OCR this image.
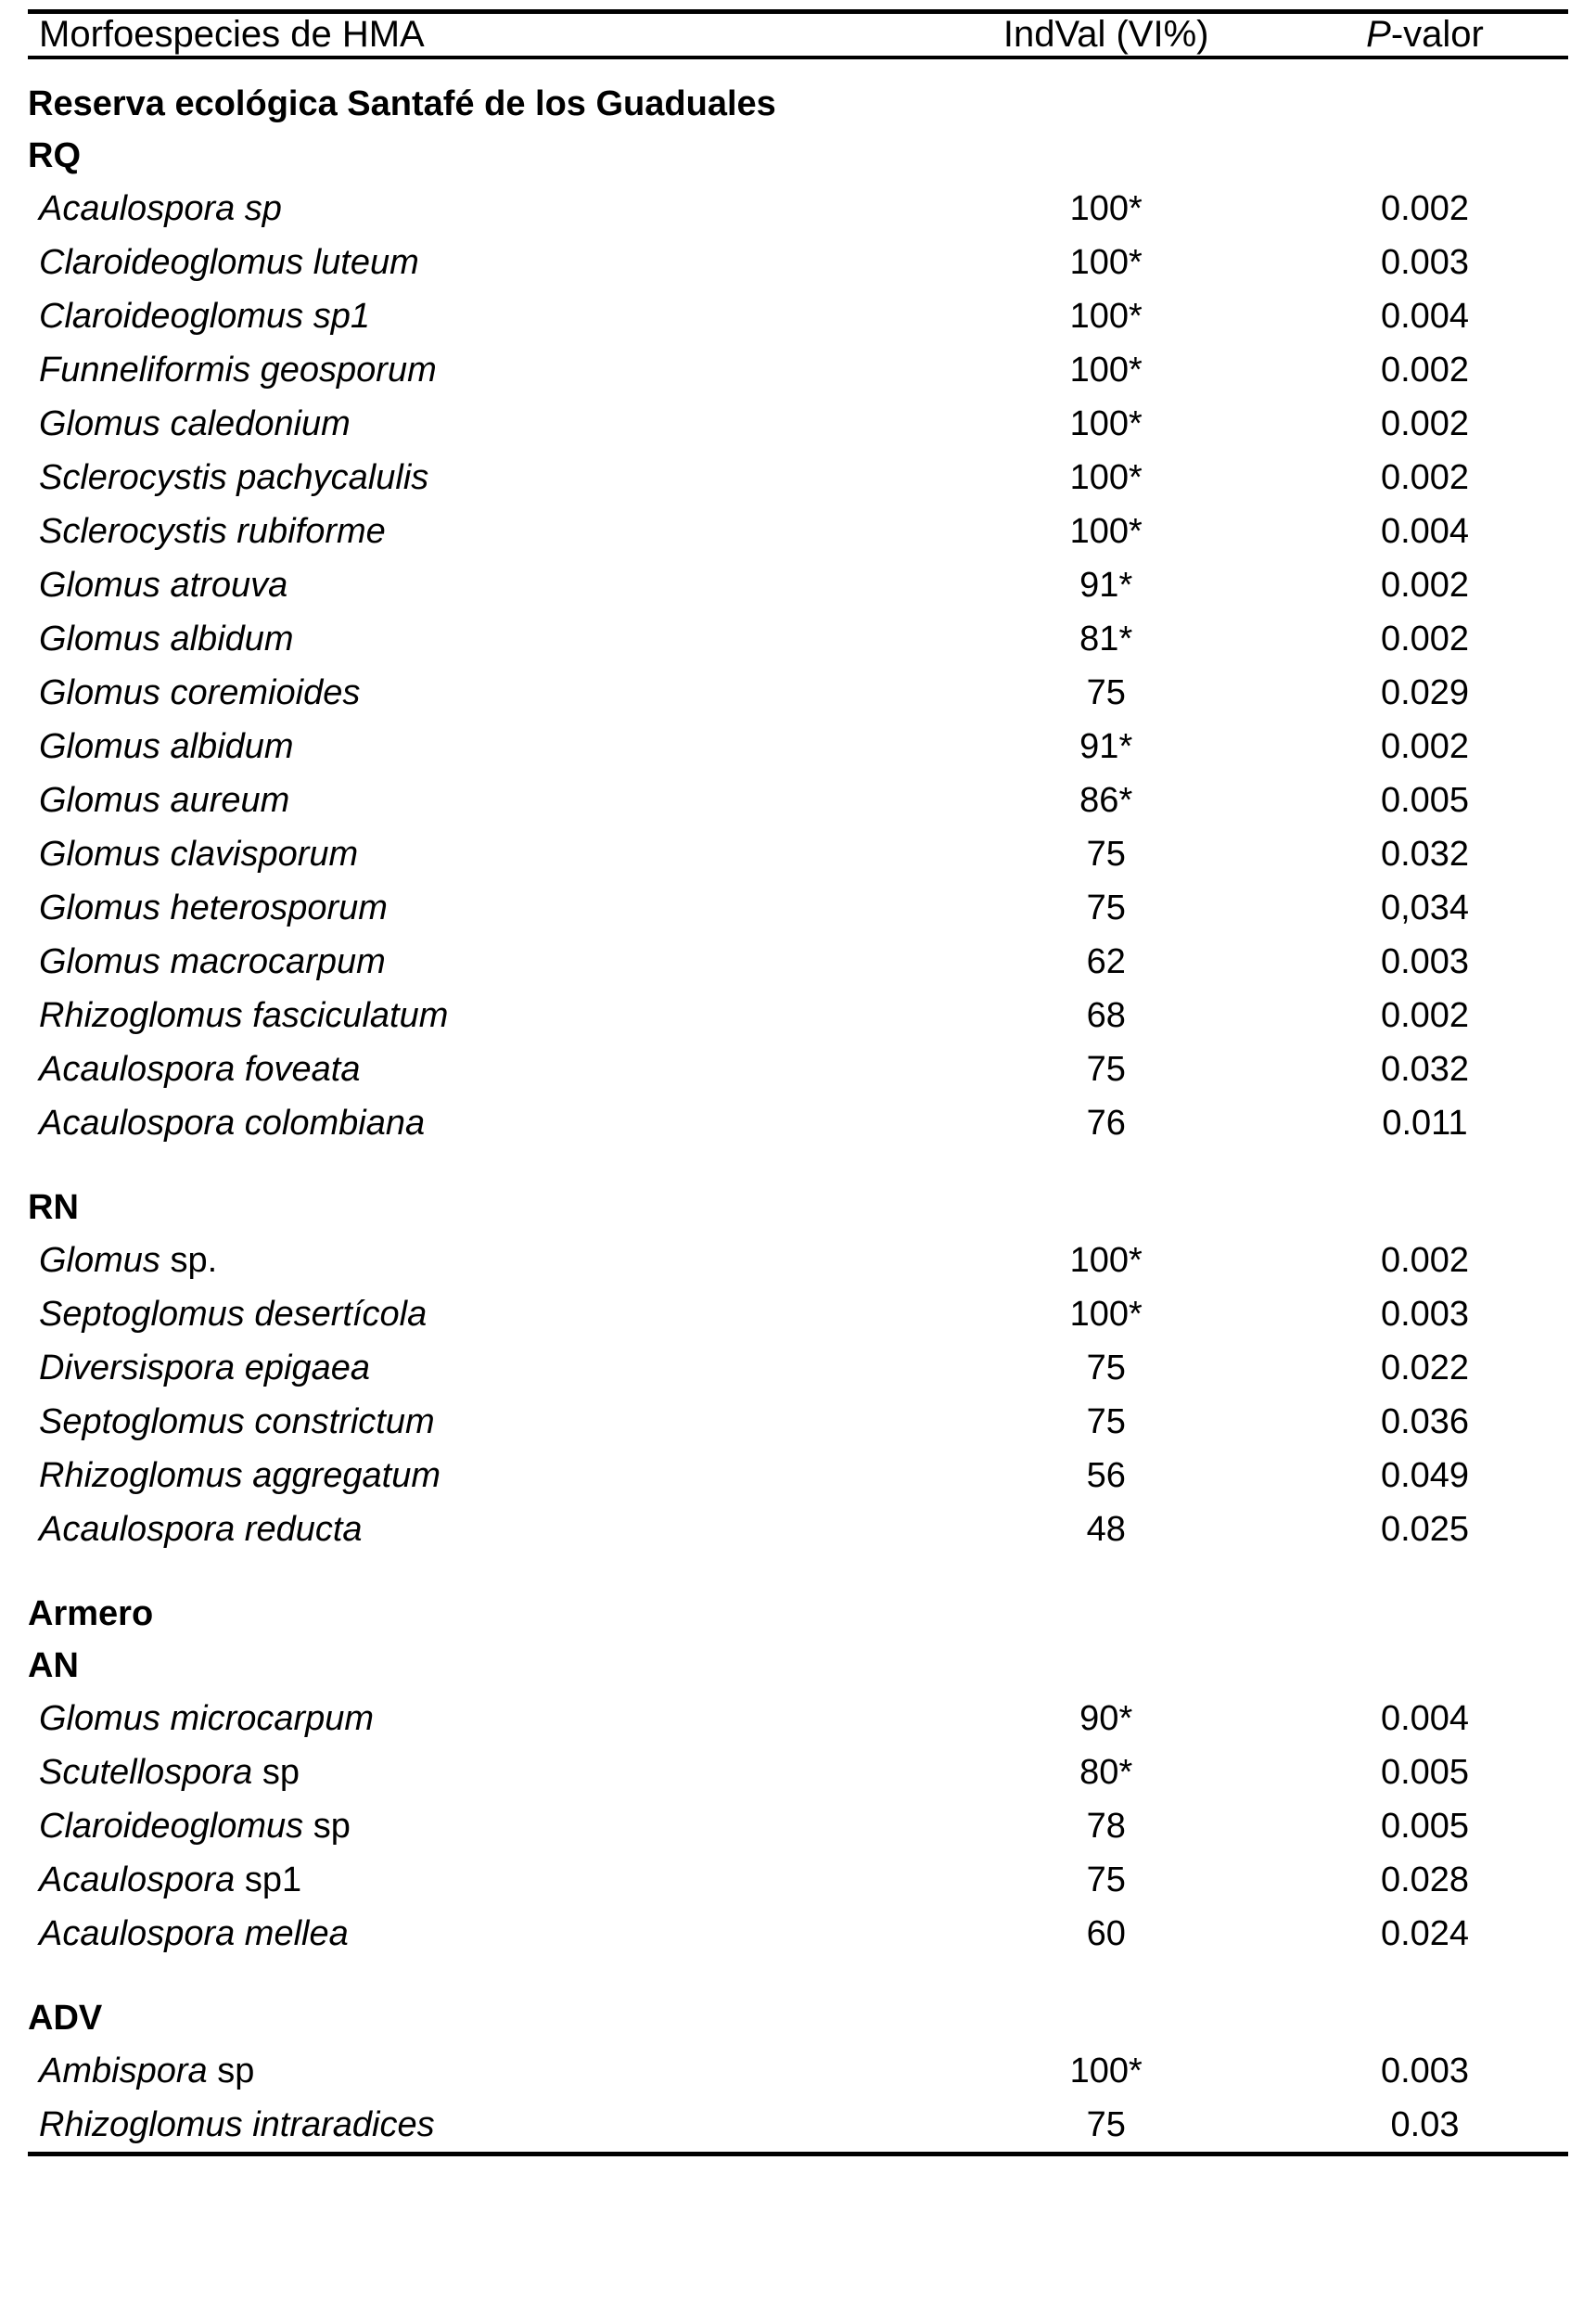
Morfoespecies de HMA	IndVal (VI%)	P-valor

Reserva ecológica Santafé de los Guaduales		
RQ		
Acaulospora sp	100*	0.002
Claroideoglomus luteum	100*	0.003
Claroideoglomus sp1	100*	0.004
Funneliformis geosporum	100*	0.002
Glomus caledonium	100*	0.002
Sclerocystis pachycalulis	100*	0.002
Sclerocystis rubiforme	100*	0.004
Glomus atrouva	91*	0.002
Glomus albidum	81*	0.002
Glomus coremioides	75	0.029
Glomus albidum	91*	0.002
Glomus aureum	86*	0.005
Glomus clavisporum	75	0.032
Glomus heterosporum	75	0,034
Glomus macrocarpum	62	0.003
Rhizoglomus fasciculatum	68	0.002
Acaulospora foveata	75	0.032
Acaulospora colombiana	76	0.011

RN		
Glomus sp.	100*	0.002
Septoglomus desertícola	100*	0.003
Diversispora epigaea	75	0.022
Septoglomus constrictum	75	0.036
Rhizoglomus aggregatum	56	0.049
Acaulospora reducta	48	0.025

Armero		
AN		
Glomus microcarpum	90*	0.004
Scutellospora sp	80*	0.005
Claroideoglomus sp	78	0.005
Acaulospora sp1	75	0.028
Acaulospora mellea	60	0.024

ADV		
Ambispora sp	100*	0.003
Rhizoglomus intraradices	75	0.03
